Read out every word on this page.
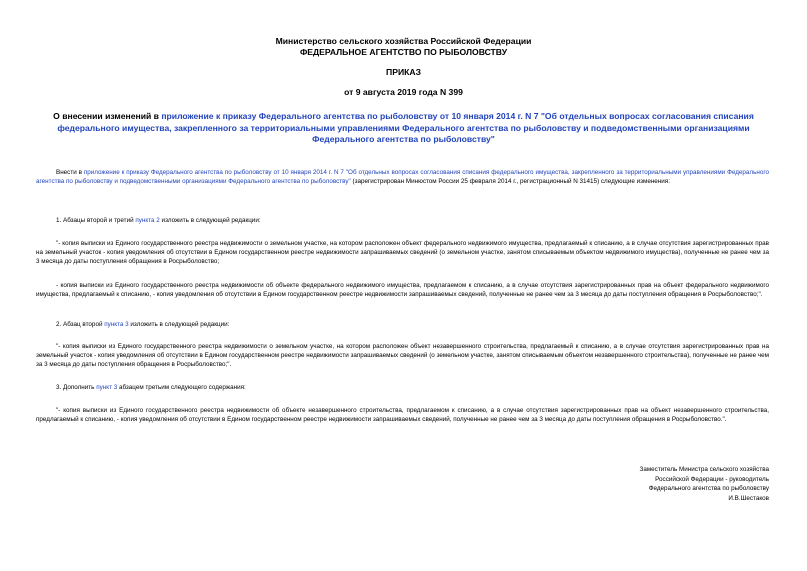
Министерство сельского хозяйства Российской Федерации
ФЕДЕРАЛЬНОЕ АГЕНТСТВО ПО РЫБОЛОВСТВУ
ПРИКАЗ
от 9 августа 2019 года N 399
О внесении изменений в приложение к приказу Федерального агентства по рыболовству от 10 января 2014 г. N 7 "Об отдельных вопросах согласования списания федерального имущества, закрепленного за территориальными управлениями Федерального агентства по рыболовству и подведомственными организациями Федерального агентства по рыболовству"
Внести в приложение к приказу Федерального агентства по рыболовству от 10 января 2014 г. N 7 "Об отдельных вопросах согласования списания федерального имущества, закрепленного за территориальными управлениями Федерального агентства по рыболовству и подведомственными организациями Федерального агентства по рыболовству" (зарегистрирован Минюстом России 25 февраля 2014 г., регистрационный N 31415) следующие изменения:
1. Абзацы второй и третий пункта 2 изложить в следующей редакции:
"- копия выписки из Единого государственного реестра недвижимости о земельном участке, на котором расположен объект федерального недвижимого имущества, предлагаемый к списанию, а в случае отсутствия зарегистрированных прав на земельный участок - копия уведомления об отсутствии в Едином государственном реестре недвижимости запрашиваемых сведений (о земельном участке, занятом списываемым объектом недвижимого имущества), полученные не ранее чем за 3 месяца до даты поступления обращения в Росрыболовство;
- копия выписки из Единого государственного реестра недвижимости об объекте федерального недвижимого имущества, предлагаемом к списанию, а в случае отсутствия зарегистрированных прав на объект федерального недвижимого имущества, предлагаемый к списанию, - копия уведомления об отсутствии в Едином государственном реестре недвижимости запрашиваемых сведений, полученные не ранее чем за 3 месяца до даты поступления обращения в Росрыболовство;".
2. Абзац второй пункта 3 изложить в следующей редакции:
"- копия выписки из Единого государственного реестра недвижимости о земельном участке, на котором расположен объект незавершенного строительства, предлагаемый к списанию, а в случае отсутствия зарегистрированных прав на земельный участок - копия уведомления об отсутствии в Едином государственном реестре недвижимости запрашиваемых сведений (о земельном участке, занятом списываемым объектом незавершенного строительства), полученные не ранее чем за 3 месяца до даты поступления обращения в Росрыболовство;".
3. Дополнить пункт 3 абзацем третьим следующего содержания:
"- копия выписки из Единого государственного реестра недвижимости об объекте незавершенного строительства, предлагаемом к списанию, а в случае отсутствия зарегистрированных прав на объект незавершенного строительства, предлагаемый к списанию, - копия уведомления об отсутствии в Едином государственном реестре недвижимости запрашиваемых сведений, полученные не ранее чем за 3 месяца до даты поступления обращения в Росрыболовство.".
Заместитель Министра сельского хозяйства
Российской Федерации - руководитель
Федерального агентства по рыболовству
И.В.Шестаков
